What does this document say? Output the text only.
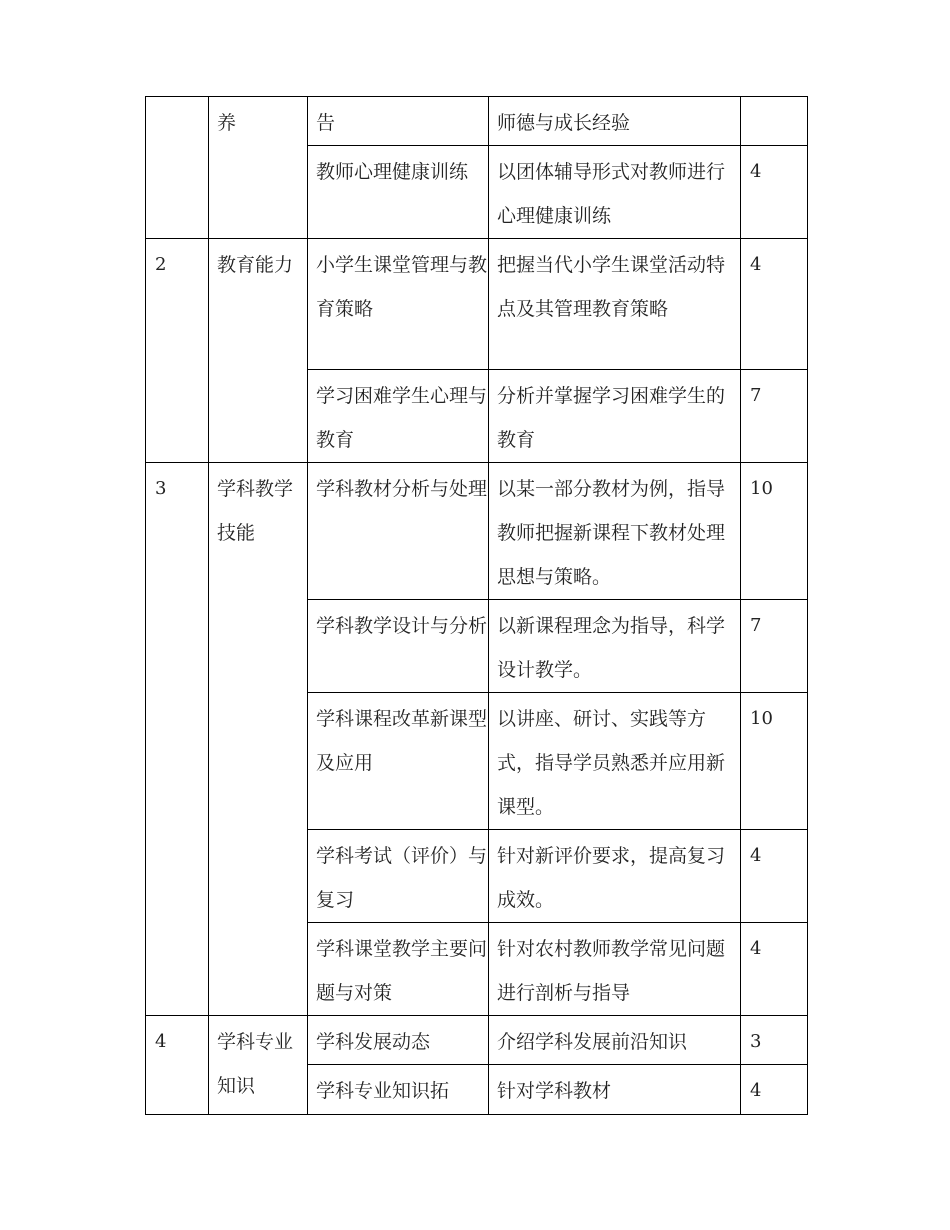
	养	告	师德与成长经验	
		教师心理健康训练	以团体辅导形式对教师进行心理健康训练	4
2	教育能力	小学生课堂管理与教育策略	把握当代小学生课堂活动特点及其管理教育策略	4
		学习困难学生心理与教育	分析并掌握学习困难学生的教育	7
3	学科教学技能	学科教材分析与处理	以某一部分教材为例，指导教师把握新课程下教材处理思想与策略。	10
		学科教学设计与分析	以新课程理念为指导，科学设计教学。	7
		学科课程改革新课型及应用	以讲座、研讨、实践等方式，指导学员熟悉并应用新课型。	10
		学科考试（评价）与复习	针对新评价要求，提高复习成效。	4
		学科课堂教学主要问题与对策	针对农村教师教学常见问题进行剖析与指导	4
4	学科专业知识	学科发展动态	介绍学科发展前沿知识	3
		学科专业知识拓	针对学科教材	4
